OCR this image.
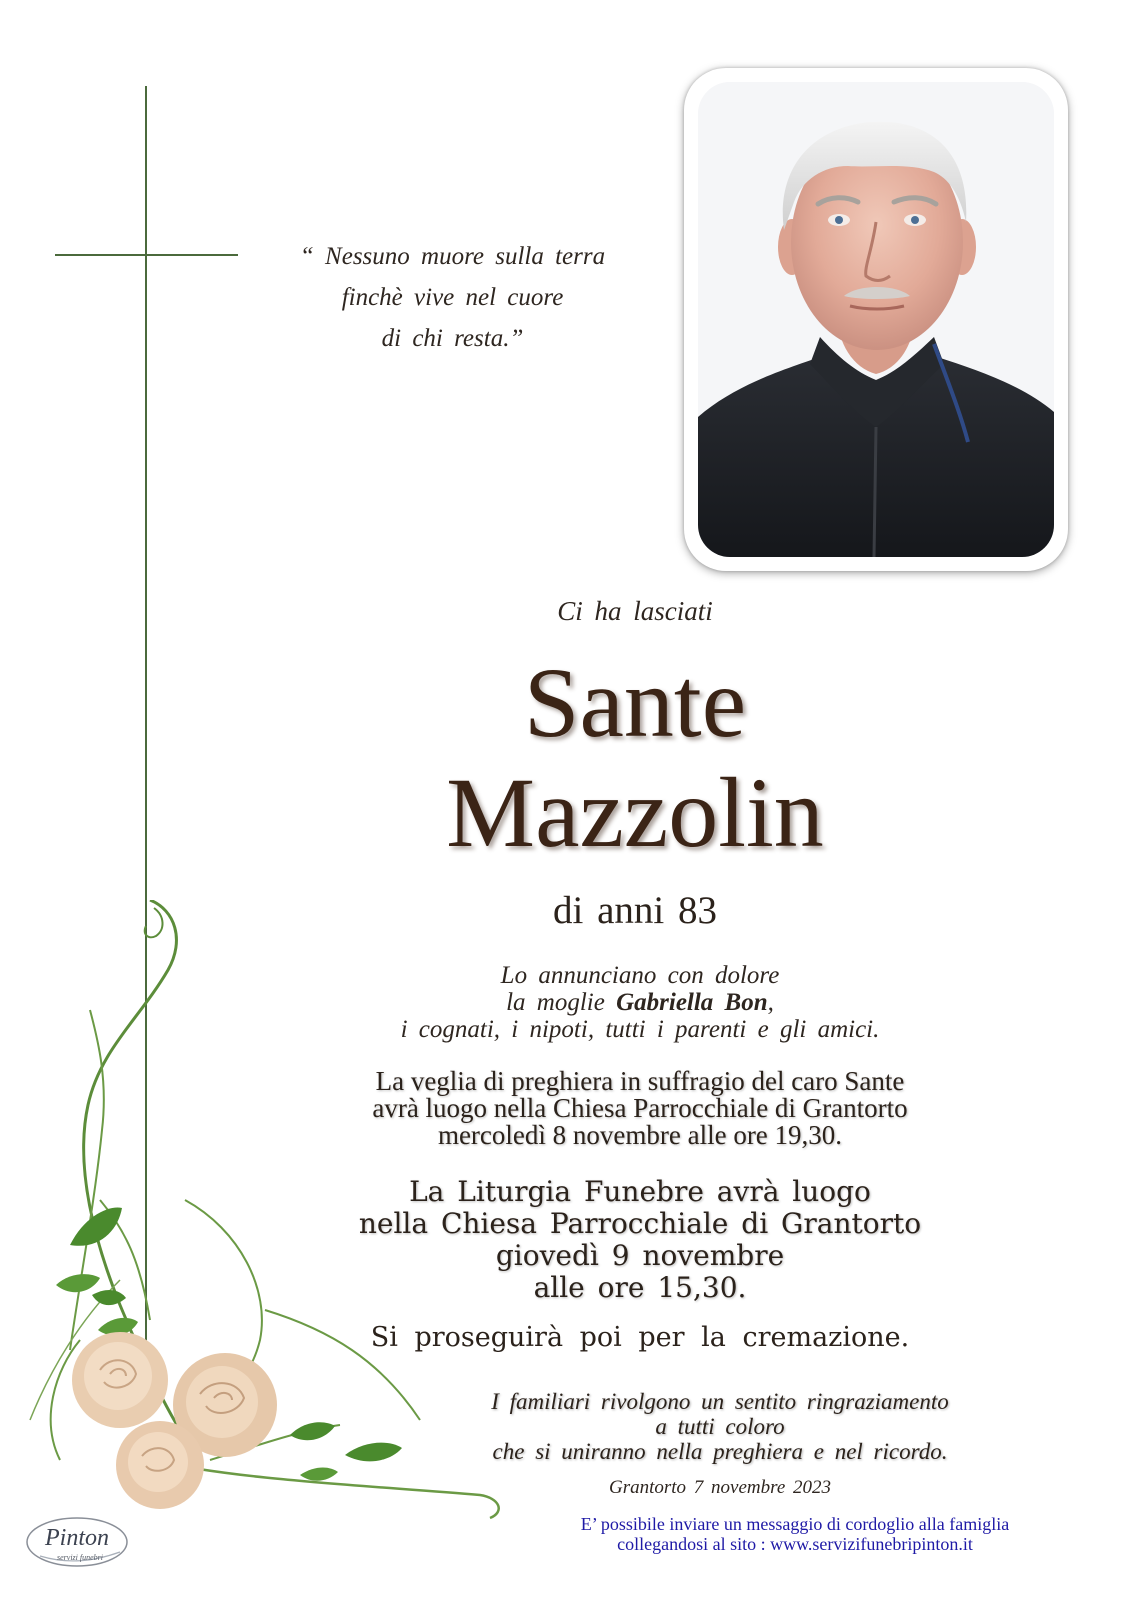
“ Nessuno muore sulla terra
finchè vive nel cuore
di chi resta.”
Ci ha lasciati
Sante
Mazzolin
di anni 83
Lo annunciano con dolore
la moglie Gabriella Bon,
i cognati, i nipoti, tutti i parenti e gli amici.
La veglia di preghiera in suffragio del caro Sante
avrà luogo nella Chiesa Parrocchiale di Grantorto
mercoledì 8 novembre alle ore 19,30.
La Liturgia Funebre avrà luogo
nella Chiesa Parrocchiale di Grantorto
giovedì 9 novembre
alle ore 15,30.
Si proseguirà poi per la cremazione.
I familiari rivolgono un sentito ringraziamento
a tutti coloro
che si uniranno nella preghiera e nel ricordo.
Grantorto 7 novembre 2023
E’ possibile inviare un messaggio di cordoglio alla famiglia
collegandosi al sito : www.servizifunebripinton.it
Pinton
servizi funebri
